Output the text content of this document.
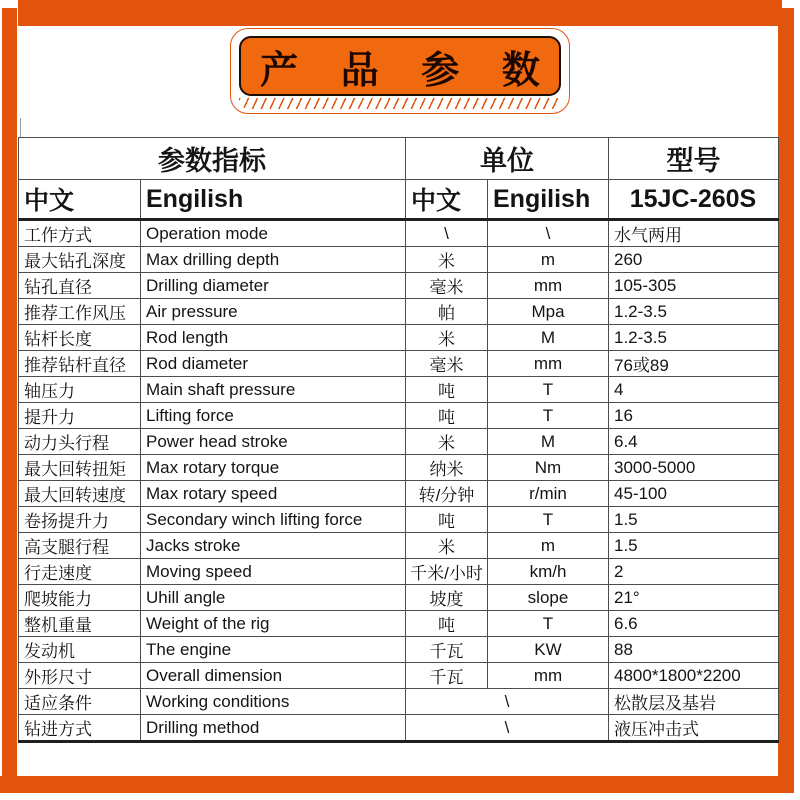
产 品 参 数
参数指标		单位		型号
中文	Engilish	中文	Engilish	15JC-260S
工作方式	Operation mode	\	\	水气两用
最大钻孔深度	Max drilling depth	米	m	260
钻孔直径	Drilling diameter	毫米	mm	105-305
推荐工作风压	Air pressure	帕	Mpa	1.2-3.5
钻杆长度	Rod length	米	M	1.2-3.5
推荐钻杆直径	Rod diameter	毫米	mm	76或89
轴压力	Main shaft pressure	吨	T	4
提升力	Lifting force	吨	T	16
动力头行程	Power head stroke	米	M	6.4
最大回转扭矩	Max rotary torque	纳米	Nm	3000-5000
最大回转速度	Max rotary speed	转/分钟	r/min	45-100
卷扬提升力	Secondary winch lifting force	吨	T	1.5
高支腿行程	Jacks stroke	米	m	1.5
行走速度	Moving speed	千米/小时	km/h	2
爬坡能力	Uhill angle	坡度	slope	21°
整机重量	Weight of the rig	吨	T	6.6
发动机	The engine	千瓦	KW	88
外形尺寸	Overall dimension	千瓦	mm	4800*1800*2200
适应条件	Working conditions	\		松散层及基岩
钻进方式	Drilling method	\		液压冲击式
